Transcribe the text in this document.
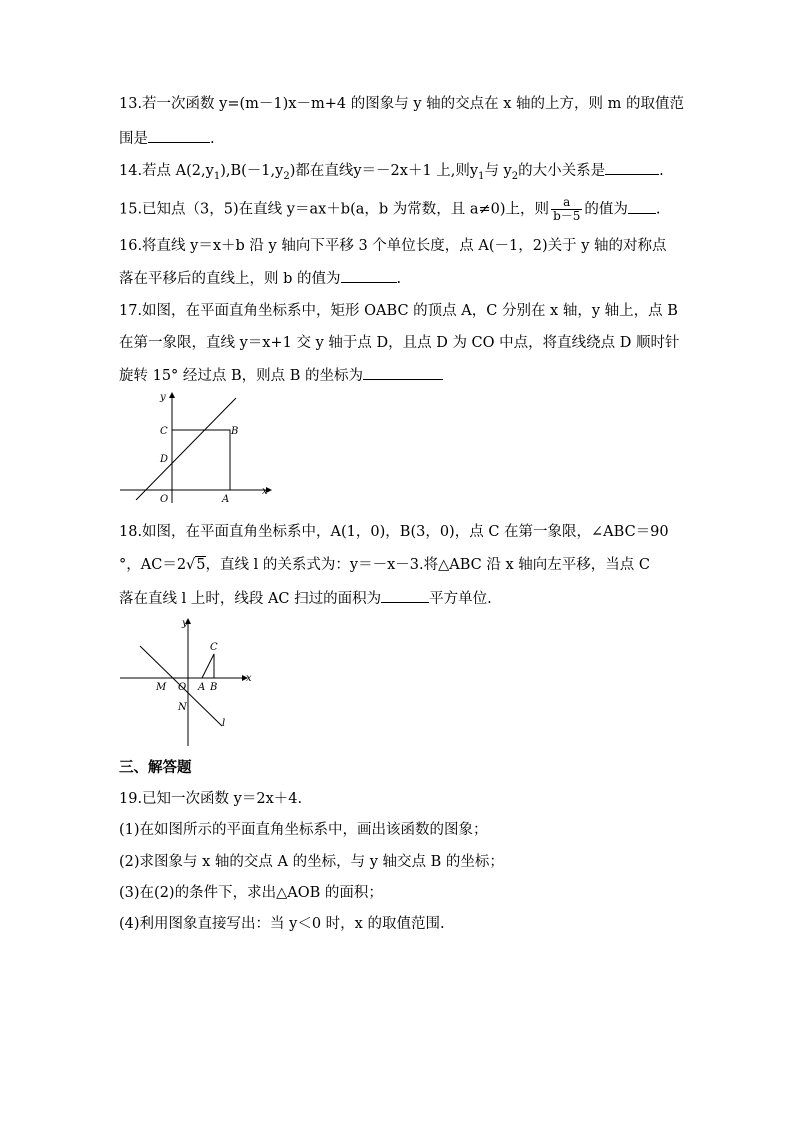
13.若一次函数 y=(m－1)x－m+4 的图象与 y 轴的交点在 x 轴的上方，则 m 的取值范
围是	.
14.若点 $A(2,y_1),B(-1,y_2)$都在直线y＝－2x＋1 上,则$y_1$与 $y_2$的大小关系是	.
15.已知点（3，5)在直线 y＝ax＋b(a，b 为常数，且 a≠0)上，则 $\frac{a}{b-5}$ 的值为 .
16.将直线 y＝x＋b 沿 y 轴向下平移 3 个单位长度，点 A(－1，2)关于 y 轴的对称点
落在平移后的直线上，则 b 的值为	.
17.如图，在平面直角坐标系中，矩形 OABC 的顶点 A，C 分别在 x 轴，y 轴上，点 B
在第一象限，直线 y＝x+1 交 y 轴于点 D，且点 D 为 CO 中点，将直线绕点 D 顺时针
旋转 15° 经过点 B，则点 B 的坐标为
y
x
C	B
D
O	A
18.如图，在平面直角坐标系中，A(1，0)，B(3，0)，点 C 在第一象限，∠ABC＝90
°，AC＝2√5，直线 l 的关系式为：y＝－x－3.将△ABC 沿 x 轴向左平移，当点 C
落在直线 l 上时，线段 AC 扫过的面积为	平方单位.
y
x
C
M O A B
N
l
三、解答题
19.已知一次函数 y＝2x＋4.
(1)在如图所示的平面直角坐标系中，画出该函数的图象；
(2)求图象与 x 轴的交点 A 的坐标，与 y 轴交点 B 的坐标；
(3)在(2)的条件下，求出△AOB 的面积；
(4)利用图象直接写出：当 y＜0 时，x 的取值范围.
